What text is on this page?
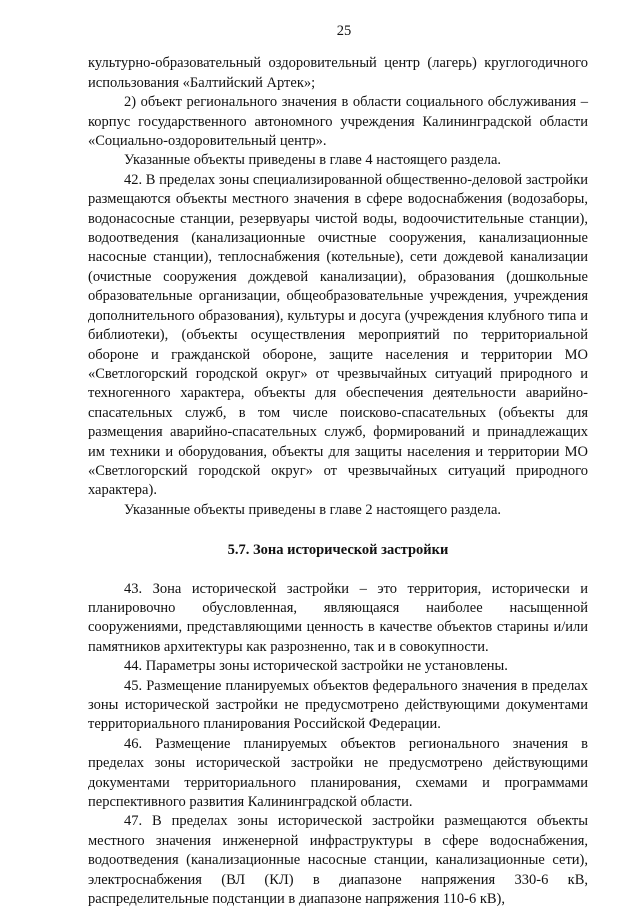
25

культурно-образовательный оздоровительный центр (лагерь) круглогодичного использования «Балтийский Артек»;

2) объект регионального значения в области социального обслуживания – корпус государственного автономного учреждения Калининградской области «Социально-оздоровительный центр».

Указанные объекты приведены в главе 4 настоящего раздела.

42. В пределах зоны специализированной общественно-деловой застройки размещаются объекты местного значения в сфере водоснабжения (водозаборы, водонасосные станции, резервуары чистой воды, водоочистительные станции), водоотведения (канализационные очистные сооружения, канализационные насосные станции), теплоснабжения (котельные), сети дождевой канализации (очистные сооружения дождевой канализации), образования (дошкольные образовательные организации, общеобразовательные учреждения, учреждения дополнительного образования), культуры и досуга (учреждения клубного типа и библиотеки), (объекты осуществления мероприятий по территориальной обороне и гражданской обороне, защите населения и территории МО «Светлогорский городской округ» от чрезвычайных ситуаций природного и техногенного характера, объекты для обеспечения деятельности аварийно-спасательных служб, в том числе поисково-спасательных (объекты для размещения аварийно-спасательных служб, формирований и принадлежащих им техники и оборудования, объекты для защиты населения и территории МО «Светлогорский городской округ» от чрезвычайных ситуаций природного характера).

Указанные объекты приведены в главе 2 настоящего раздела.

5.7. Зона исторической застройки

43. Зона исторической застройки – это территория, исторически и планировочно обусловленная, являющаяся наиболее насыщенной сооружениями, представляющими ценность в качестве объектов старины и/или памятников архитектуры как разрозненно, так и в совокупности.

44. Параметры зоны исторической застройки не установлены.

45. Размещение планируемых объектов федерального значения в пределах зоны исторической застройки не предусмотрено действующими документами территориального планирования Российской Федерации.

46. Размещение планируемых объектов регионального значения в пределах зоны исторической застройки не предусмотрено действующими документами территориального планирования, схемами и программами перспективного развития Калининградской области.

47. В пределах зоны исторической застройки размещаются объекты местного значения инженерной инфраструктуры в сфере водоснабжения, водоотведения (канализационные насосные станции, канализационные сети), электроснабжения (ВЛ (КЛ) в диапазоне напряжения 330-6 кВ, распределительные подстанции в диапазоне напряжения 110-6 кВ),
